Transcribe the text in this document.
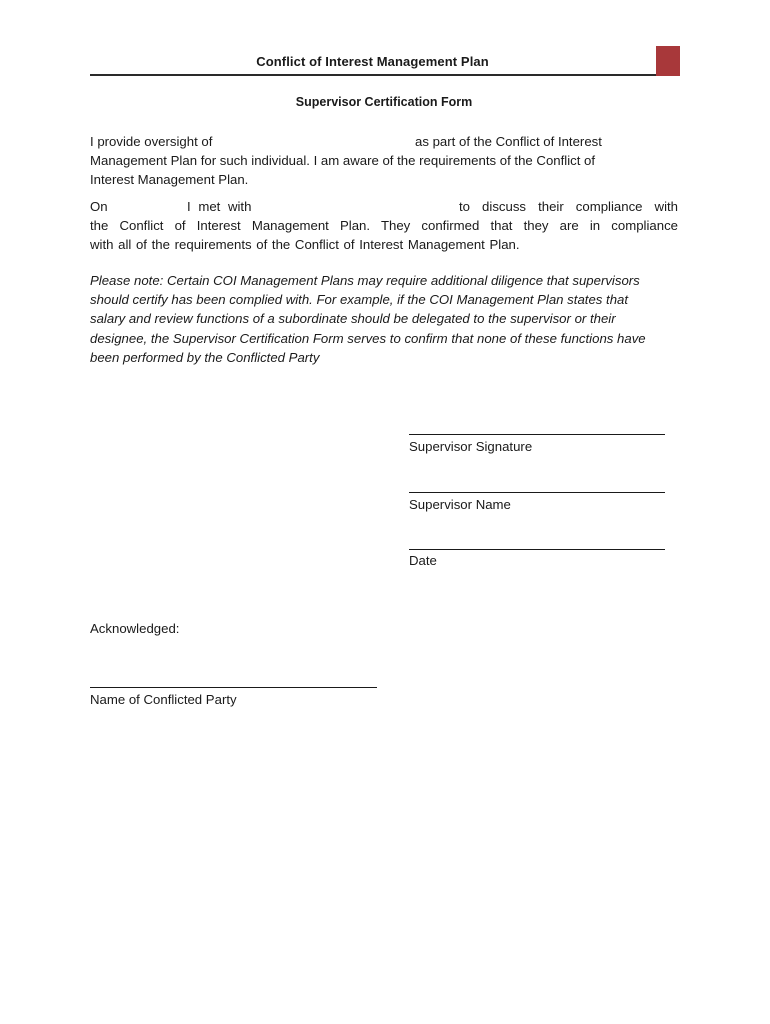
Conflict of Interest Management Plan
Supervisor Certification Form
I provide oversight of	as part of the Conflict of Interest
Management Plan for such individual. I am aware of the requirements of the Conflict of
Interest Management Plan.
On	I met with	to discuss their compliance with
the Conflict of Interest Management Plan. They confirmed that they are in compliance
with all of the requirements of the Conflict of Interest Management Plan.
Please note: Certain COI Management Plans may require additional diligence that supervisors
should certify has been complied with. For example, if the COI Management Plan states that
salary and review functions of a subordinate should be delegated to the supervisor or their
designee, the Supervisor Certification Form serves to confirm that none of these functions have
been performed by the Conflicted Party
Supervisor Signature
Supervisor Name
Date
Acknowledged:
Name of Conflicted Party
